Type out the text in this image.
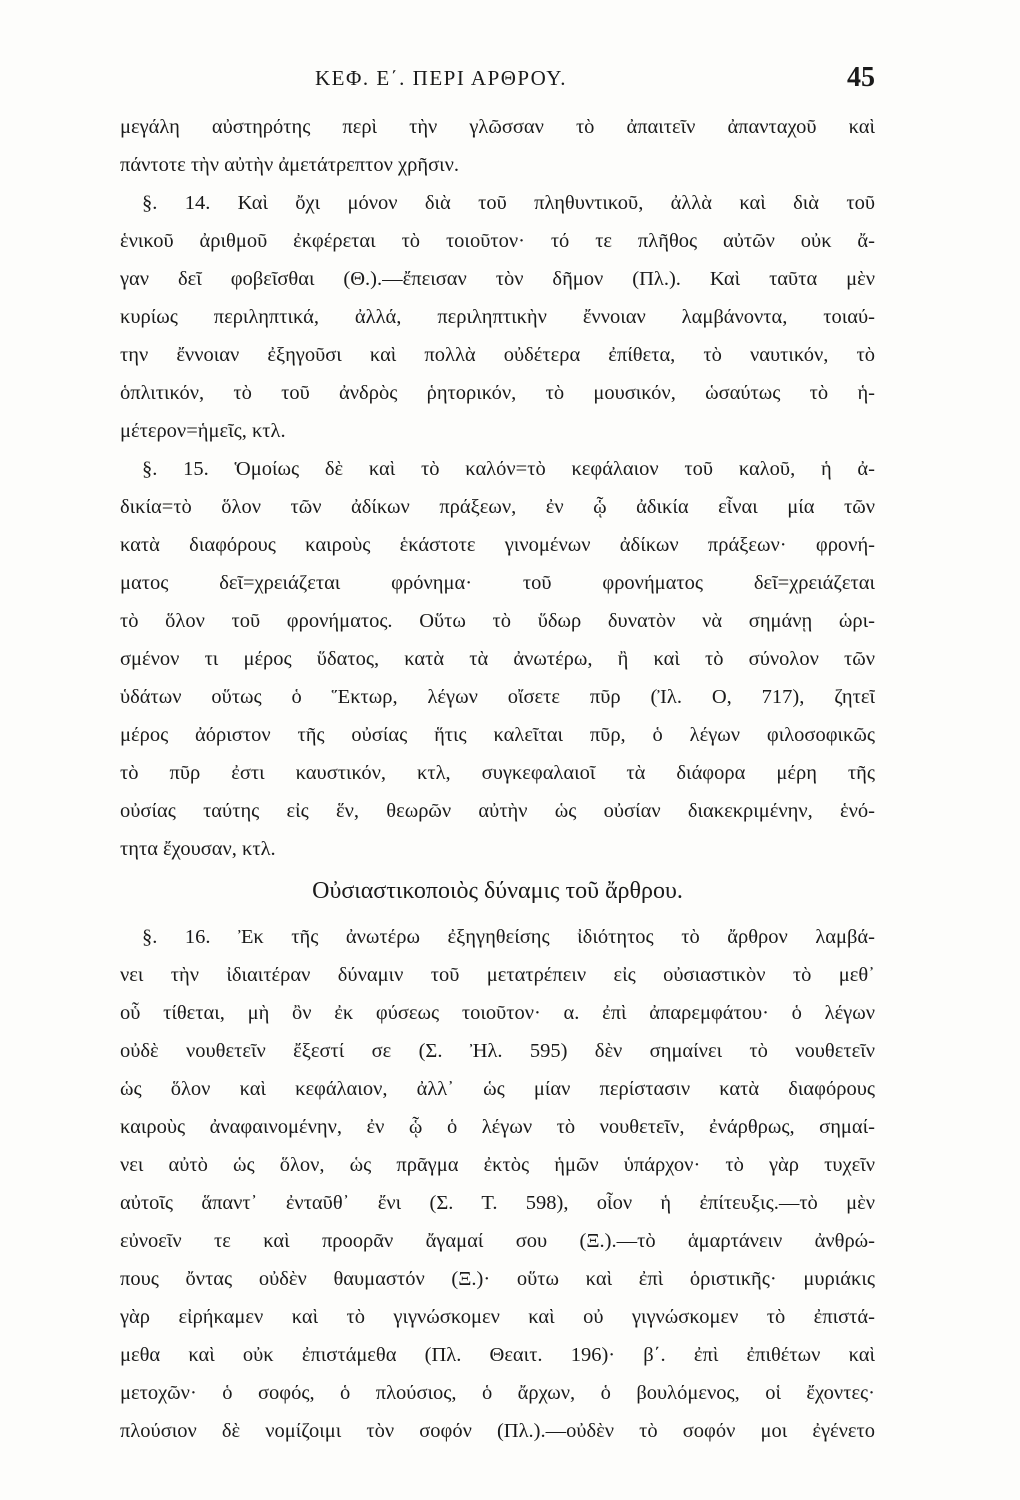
ΚΕΦ. Ε΄. ΠΕΡΙ ΑΡΘΡΟΥ.	45
μεγάλη αὐστηρότης περὶ τὴν γλῶσσαν τὸ ἀπαιτεῖν ἀπανταχοῦ καὶ
πάντοτε τὴν αὐτὴν ἀμετάτρεπτον χρῆσιν.
§. 14. Καὶ ὄχι μόνον διὰ τοῦ πληθυντικοῦ, ἀλλὰ καὶ διὰ τοῦ
ἑνικοῦ ἀριθμοῦ ἐκφέρεται τὸ τοιοῦτον· τό τε πλῆθος αὐτῶν οὐκ ἄ-
γαν δεῖ φοβεῖσθαι (Θ.).—ἔπεισαν τὸν δῆμον (Πλ.). Καὶ ταῦτα μὲν
κυρίως περιληπτικά, ἀλλά, περιληπτικὴν ἔννοιαν λαμβάνοντα, τοιαύ-
την ἔννοιαν ἐξηγοῦσι καὶ πολλὰ οὐδέτερα ἐπίθετα, τὸ ναυτικόν, τὸ
ὁπλιτικόν, τὸ τοῦ ἀνδρὸς ῥητορικόν, τὸ μουσικόν, ὡσαύτως τὸ ἡ-
μέτερον=ἡμεῖς, κτλ.
§. 15. Ὁμοίως δὲ καὶ τὸ καλόν=τὸ κεφάλαιον τοῦ καλοῦ, ἡ ἀ-
δικία=τὸ ὅλον τῶν ἀδίκων πράξεων, ἐν ᾧ ἀδικία εἶναι μία τῶν
κατὰ διαφόρους καιροὺς ἑκάστοτε γινομένων ἀδίκων πράξεων· φρονή-
ματος δεῖ=χρειάζεται φρόνημα· τοῦ φρονήματος δεῖ=χρειάζεται
τὸ ὅλον τοῦ φρονήματος. Οὕτω τὸ ὕδωρ δυνατὸν νὰ σημάνῃ ὡρι-
σμένον τι μέρος ὕδατος, κατὰ τὰ ἀνωτέρω, ἢ καὶ τὸ σύνολον τῶν
ὑδάτων οὕτως ὁ Ἕκτωρ, λέγων οἴσετε πῦρ (Ἰλ. Ο, 717), ζητεῖ
μέρος ἀόριστον τῆς οὐσίας ἥτις καλεῖται πῦρ, ὁ λέγων φιλοσοφικῶς
τὸ πῦρ ἐστι καυστικόν, κτλ, συγκεφαλαιοῖ τὰ διάφορα μέρη τῆς
οὐσίας ταύτης εἰς ἕν, θεωρῶν αὐτὴν ὡς οὐσίαν διακεκριμένην, ἑνό-
τητα ἔχουσαν, κτλ.
Οὐσιαστικοποιὸς δύναμις τοῦ ἄρθρου.
§. 16. Ἐκ τῆς ἀνωτέρω ἐξηγηθείσης ἰδιότητος τὸ ἄρθρον λαμβά-
νει τὴν ἰδιαιτέραν δύναμιν τοῦ μετατρέπειν εἰς οὐσιαστικὸν τὸ μεθ᾽
οὗ τίθεται, μὴ ὂν ἐκ φύσεως τοιοῦτον· α. ἐπὶ ἀπαρεμφάτου· ὁ λέγων
οὐδὲ νουθετεῖν ἔξεστί σε (Σ. Ἠλ. 595) δὲν σημαίνει τὸ νουθετεῖν
ὡς ὅλον καὶ κεφάλαιον, ἀλλ᾽ ὡς μίαν περίστασιν κατὰ διαφόρους
καιροὺς ἀναφαινομένην, ἐν ᾧ ὁ λέγων τὸ νουθετεῖν, ἐνάρθρως, σημαί-
νει αὐτὸ ὡς ὅλον, ὡς πρᾶγμα ἐκτὸς ἡμῶν ὑπάρχον· τὸ γὰρ τυχεῖν
αὐτοῖς ἅπαντ᾽ ἐνταῦθ᾽ ἔνι (Σ. Τ. 598), οἷον ἡ ἐπίτευξις.—τὸ μὲν
εὐνοεῖν τε καὶ προορᾶν ἄγαμαί σου (Ξ.).—τὸ ἁμαρτάνειν ἀνθρώ-
πους ὄντας οὐδὲν θαυμαστόν (Ξ.)· οὕτω καὶ ἐπὶ ὁριστικῆς· μυριάκις
γὰρ εἰρήκαμεν καὶ τὸ γιγνώσκομεν καὶ οὐ γιγνώσκομεν τὸ ἐπιστά-
μεθα καὶ οὐκ ἐπιστάμεθα (Πλ. Θεαιτ. 196)· β΄. ἐπὶ ἐπιθέτων καὶ
μετοχῶν· ὁ σοφός, ὁ πλούσιος, ὁ ἄρχων, ὁ βουλόμενος, οἱ ἔχοντες·
πλούσιον δὲ νομίζοιμι τὸν σοφόν (Πλ.).—οὐδὲν τὸ σοφόν μοι ἐγένετο
